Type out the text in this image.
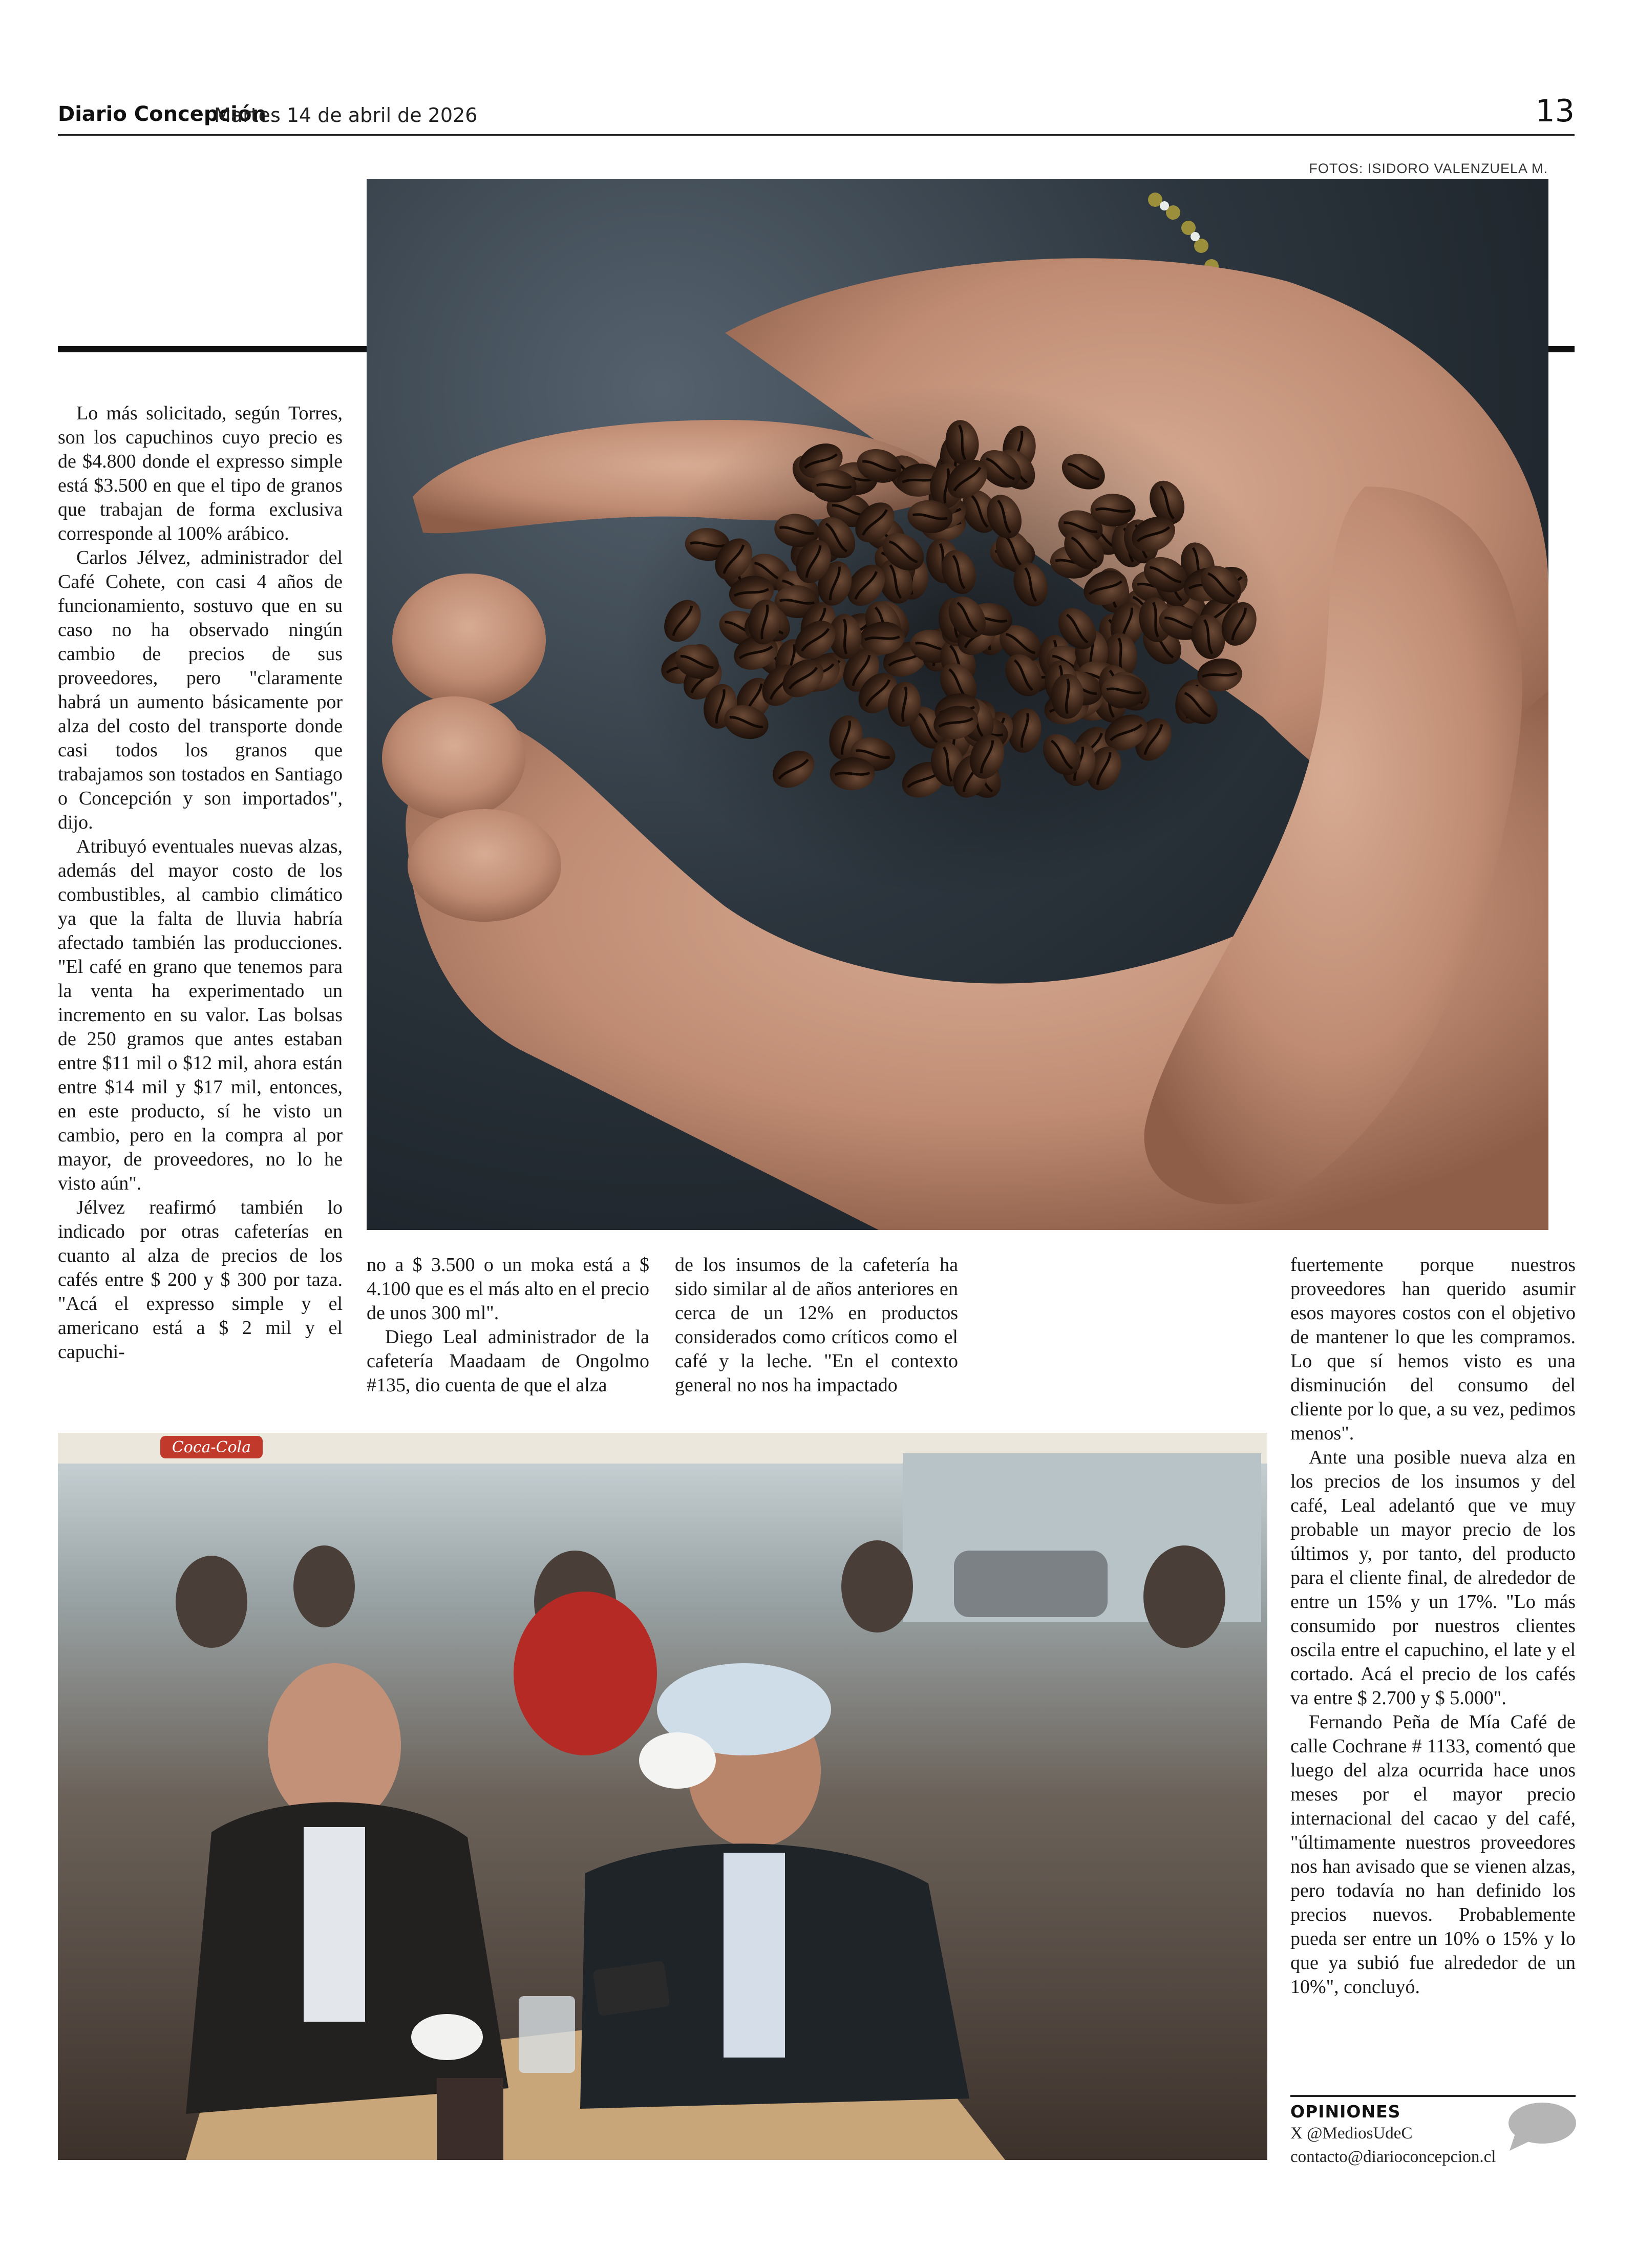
Diario Concepción
Martes 14 de abril de 2026	13
FOTOS: ISIDORO VALENZUELA M.

Lo más solicitado, según Torres, son los capuchinos cuyo precio es de $4.800 donde el expresso simple está $3.500 en que el tipo de granos que trabajan de forma exclusiva corresponde al 100% arábico.

Carlos Jélvez, administrador del Café Cohete, con casi 4 años de funcionamiento, sostuvo que en su caso no ha observado ningún cambio de precios de sus proveedores, pero "claramente habrá un aumento básicamente por alza del costo del transporte donde casi todos los granos que trabajamos son tostados en Santiago o Concepción y son importados", dijo.

Atribuyó eventuales nuevas alzas, además del mayor costo de los combustibles, al cambio climático ya que la falta de lluvia habría afectado también las producciones. "El café en grano que tenemos para la venta ha experimentado un incremento en su valor. Las bolsas de 250 gramos que antes estaban entre $11 mil o $12 mil, ahora están entre $14 mil y $17 mil, entonces, en este producto, sí he visto un cambio, pero en la compra al por mayor, de proveedores, no lo he visto aún".

Jélvez reafirmó también lo indicado por otras cafeterías en cuanto al alza de precios de los cafés entre $ 200 y $ 300 por taza. "Acá el expresso simple y el americano está a $ 2 mil y el capuchi-

no a $ 3.500 o un moka está a $ 4.100 que es el más alto en el precio de unos 300 ml".

Diego Leal administrador de la cafetería Maadaam de Ongolmo #135, dio cuenta de que el alza

de los insumos de la cafetería ha sido similar al de años anteriores en cerca de un 12% en productos considerados como críticos como el café y la leche. "En el contexto general no nos ha impactado

fuertemente porque nuestros proveedores han querido asumir esos mayores costos con el objetivo de mantener lo que les compramos. Lo que sí hemos visto es una disminución del consumo del cliente por lo que, a su vez, pedimos menos".

Ante una posible nueva alza en los precios de los insumos y del café, Leal adelantó que ve muy probable un mayor precio de los últimos y, por tanto, del producto para el cliente final, de alrededor de entre un 15% y un 17%. "Lo más consumido por nuestros clientes oscila entre el capuchino, el late y el cortado. Acá el precio de los cafés va entre $ 2.700 y $ 5.000".

Fernando Peña de Mía Café de calle Cochrane # 1133, comentó que luego del alza ocurrida hace unos meses por el mayor precio internacional del cacao y del café, "últimamente nuestros proveedores nos han avisado que se vienen alzas, pero todavía no han definido los precios nuevos. Probablemente pueda ser entre un 10% o 15% y lo que ya subió fue alrededor de un 10%", concluyó.

Coca-Cola
OPINIONES
X @MediosUdeC
contacto@diarioconcepcion.cl
